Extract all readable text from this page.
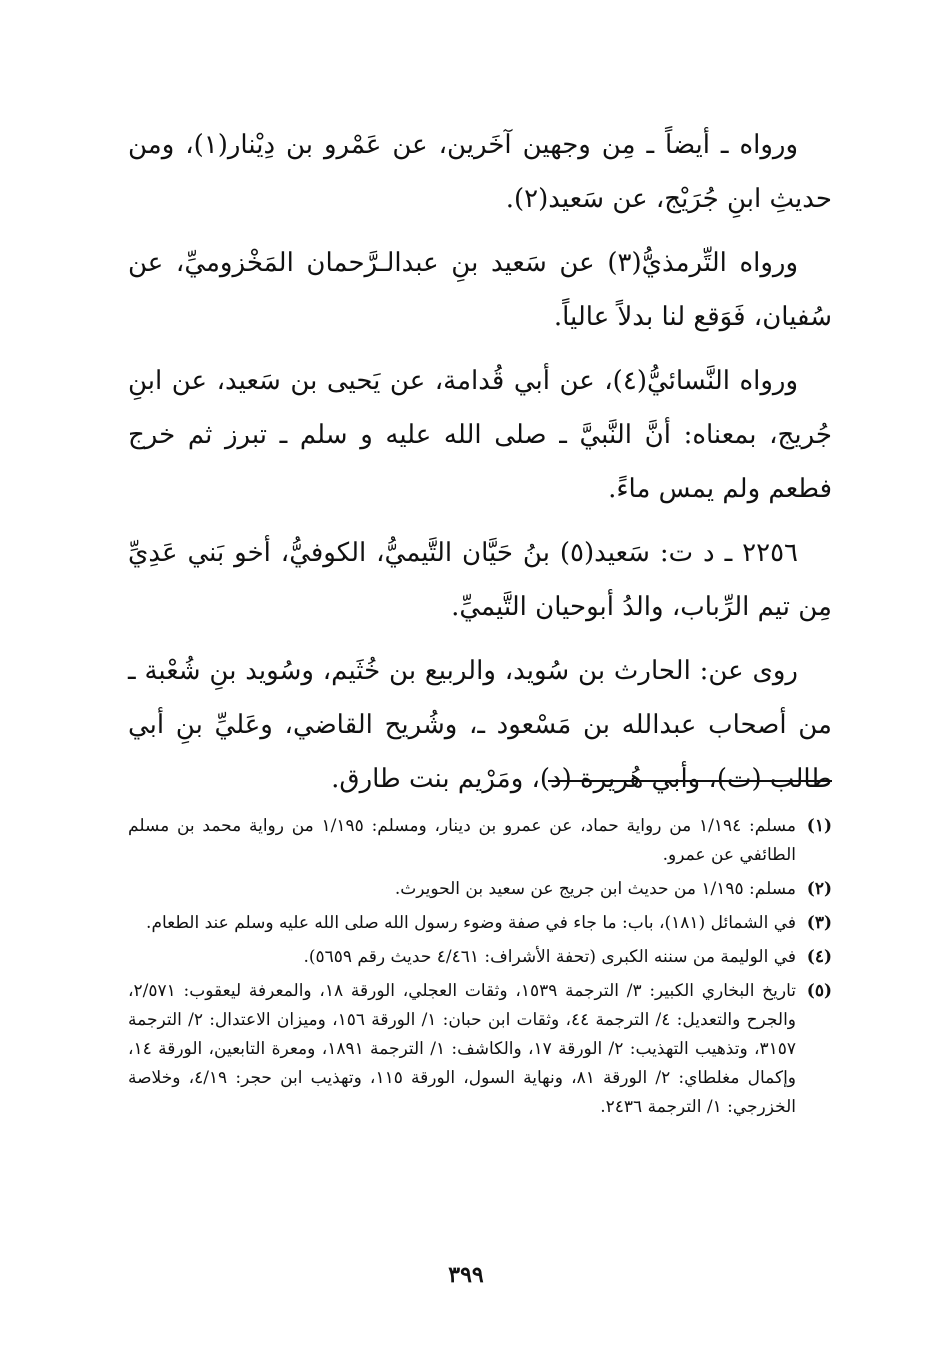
ورواه ـ أيضاً ـ مِن وجهين آخَرين، عن عَمْرو بن دِيْنار(١)، ومن حديثِ ابنِ جُرَيْج، عن سَعيد(٢).

ورواه التِّرمذيُّ(٣) عن سَعيد بنِ عبدالـرَّحمان المَخْزوميِّ، عن سُفيان، فَوَقع لنا بدلاً عالياً.

ورواه النَّسائيُّ(٤)، عن أبي قُدامة، عن يَحيى بن سَعيد، عن ابنِ جُريج، بمعناه: أنَّ النَّبيَّ ـ صلى الله عليه و سلم ـ تبرز ثم خرج فطعم ولم يمس ماءً.

٢٢٥٦ ـ د ت: سَعيد(٥) بنُ حَيَّان التَّيميُّ، الكوفيُّ، أخو بَني عَدِيِّ مِن تيم الرِّباب، والدُ أبوحيان التَّيميِّ.

روى عن: الحارث بن سُويد، والربيع بن خُثَيم، وسُويد بنِ شُعْبة ـ من أصحاب عبدالله بن مَسْعود ـ، وشُريح القاضي، وعَليِّ بنِ أبي طالب (ت)، وأبي هُريرة (د)، ومَرْيم بنت طارق.

(١)
مسلم: ١/١٩٤ من رواية حماد، عن عمرو بن دينار، ومسلم: ١/١٩٥ من رواية محمد بن مسلم الطائفي عن عمرو.
(٢)
مسلم: ١/١٩٥ من حديث ابن جريج عن سعيد بن الحويرث.
(٣)
في الشمائل (١٨١)، باب: ما جاء في صفة وضوء رسول الله صلى الله عليه وسلم عند الطعام.
(٤)
في الوليمة من سننه الكبرى (تحفة الأشراف: ٤/٤٦١ حديث رقم ٥٦٥٩).
(٥)
تاريخ البخاري الكبير: ٣/ الترجمة ١٥٣٩، وثقات العجلي، الورقة ١٨، والمعرفة ليعقوب: ٢/٥٧١، والجرح والتعديل: ٤/ الترجمة ٤٤، وثقات ابن حبان: ١/ الورقة ١٥٦، وميزان الاعتدال: ٢/ الترجمة ٣١٥٧، وتذهيب التهذيب: ٢/ الورقة ١٧، والكاشف: ١/ الترجمة ١٨٩١، ومعرة التابعين، الورقة ١٤، وإكمال مغلطاي: ٢/ الورقة ٨١، ونهاية السول، الورقة ١١٥، وتهذيب ابن حجر: ٤/١٩، وخلاصة الخزرجي: ١/ الترجمة ٢٤٣٦.
٣٩٩
